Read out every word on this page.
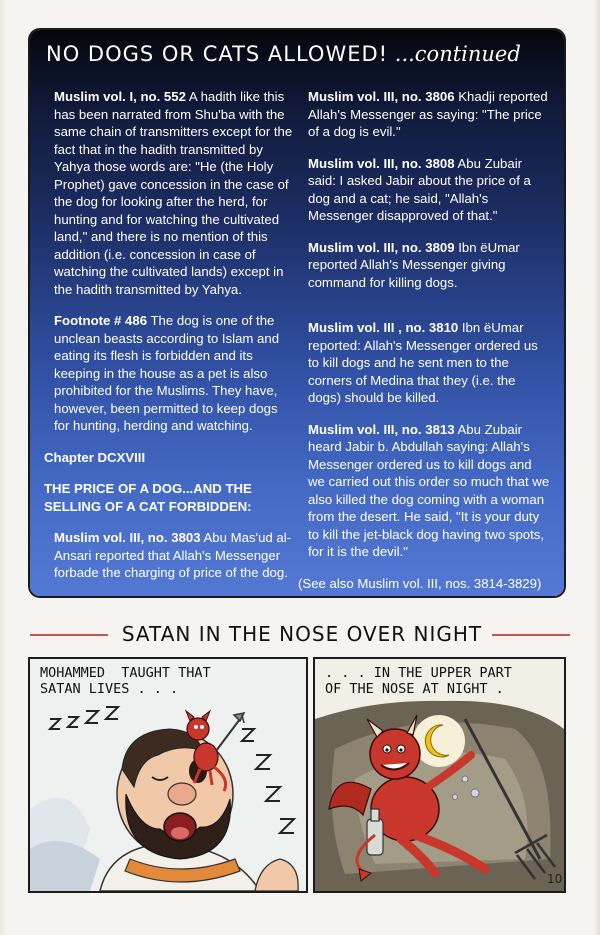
NO DOGS OR CATS ALLOWED! ...continued

Muslim vol. I, no. 552 A hadith like this has been narrated from Shu'ba with the same chain of transmitters except for the fact that in the hadith transmitted by Yahya those words are: "He (the Holy Prophet) gave concession in the case of the dog for looking after the herd, for hunting and for watching the cultivated land," and there is no mention of this addition (i.e. concession in case of watching the cultivated lands) except in the hadith transmitted by Yahya.

Footnote # 486 The dog is one of the unclean beasts according to Islam and eating its flesh is forbidden and its keeping in the house as a pet is also prohibited for the Muslims. They have, however, been permitted to keep dogs for hunting, herding and watching.

Chapter DCXVIII

THE PRICE OF A DOG...AND THE SELLING OF A CAT FORBIDDEN:

Muslim vol. III, no. 3803 Abu Mas'ud al-Ansari reported that Allah's Messenger forbade the charging of price of the dog.

Muslim vol. III, no. 3806 Khadji reported Allah's Messenger as saying: "The price of a dog is evil."

Muslim vol. III, no. 3808 Abu Zubair said: I asked Jabir about the price of a dog and a cat; he said, "Allah's Messenger disapproved of that."

Muslim vol. III, no. 3809 Ibn ëUmar reported Allah's Messenger giving command for killing dogs.

Muslim vol. III , no. 3810 Ibn ëUmar reported: Allah's Messenger ordered us to kill dogs and he sent men to the corners of Medina that they (i.e. the dogs) should be killed.

Muslim vol. III, no. 3813 Abu Zubair heard Jabir b. Abdullah saying: Allah's Messenger ordered us to kill dogs and we carried out this order so much that we also killed the dog coming with a woman from the desert. He said, "It is your duty to kill the jet-black dog having two spots, for it is the devil."

(See also Muslim vol. III, nos. 3814-3829)

SATAN IN THE NOSE OVER NIGHT
MOHAMMED  TAUGHT THAT
SATAN LIVES . . .
. . . IN THE UPPER PART
OF THE NOSE AT NIGHT .
10
